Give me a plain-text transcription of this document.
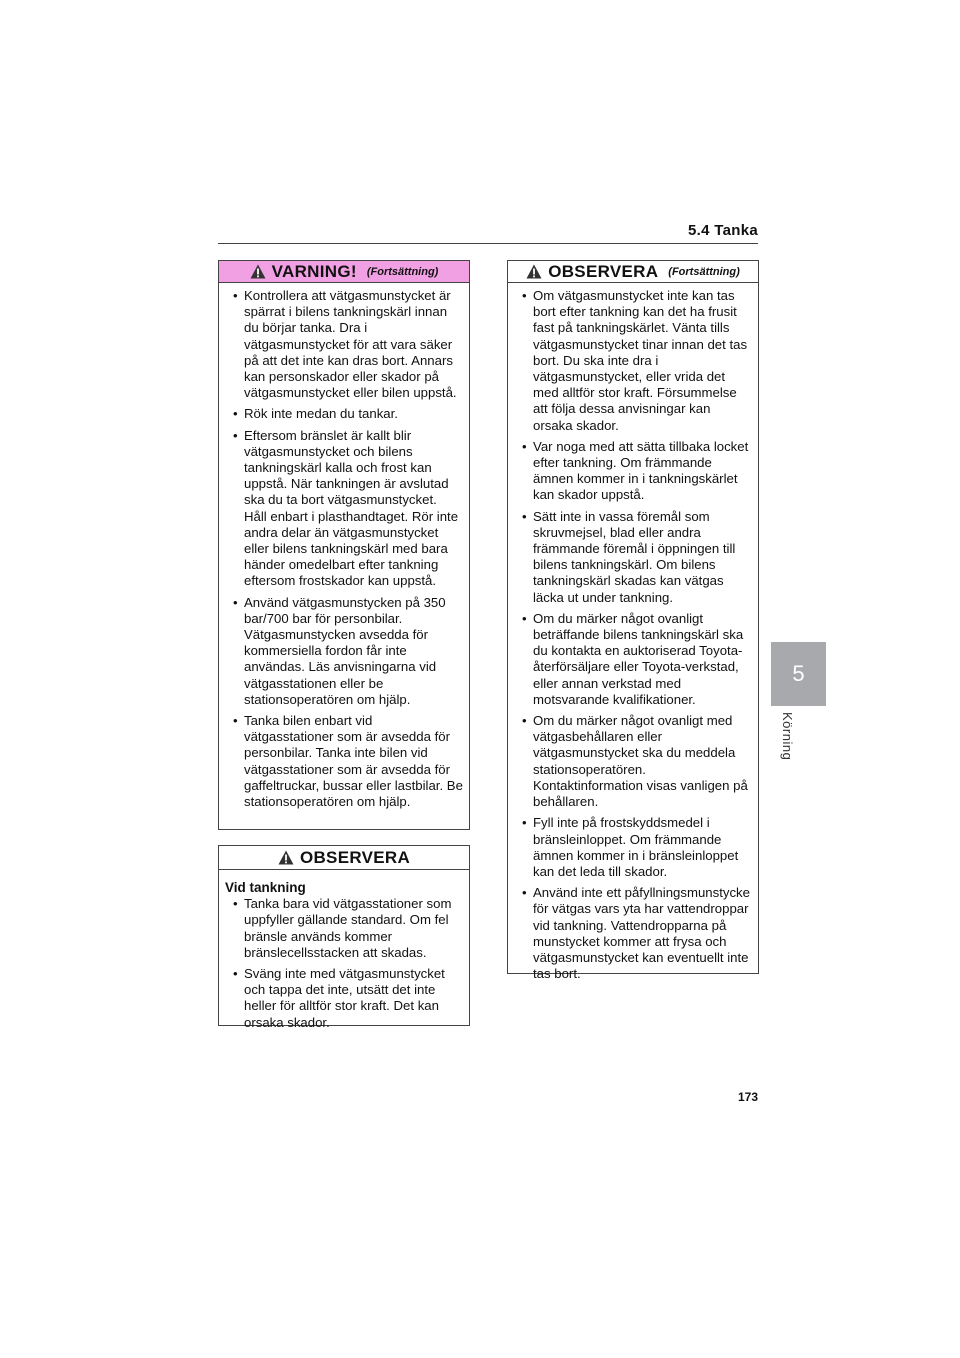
5.4 Tanka
5
Körning
VARNING! (Fortsättning)
• Kontrollera att vätgasmunstycket är spärrat i bilens tankningskärl innan du börjar tanka. Dra i vätgasmunstycket för att vara säker på att det inte kan dras bort. Annars kan personskador eller skador på vätgasmunstycket eller bilen uppstå.
• Rök inte medan du tankar.
• Eftersom bränslet är kallt blir vätgasmunstycket och bilens tankningskärl kalla och frost kan uppstå. När tankningen är avslutad ska du ta bort vätgasmunstycket. Håll enbart i plasthandtaget. Rör inte andra delar än vätgasmunstycket eller bilens tankningskärl med bara händer omedelbart efter tankning eftersom frostskador kan uppstå.
• Använd vätgasmunstycken på 350 bar/700 bar för personbilar. Vätgasmunstycken avsedda för kommersiella fordon får inte användas. Läs anvisningarna vid vätgasstationen eller be stationsoperatören om hjälp.
• Tanka bilen enbart vid vätgasstationer som är avsedda för personbilar. Tanka inte bilen vid vätgasstationer som är avsedda för gaffeltruckar, bussar eller lastbilar. Be stationsoperatören om hjälp.
OBSERVERA
Vid tankning
• Tanka bara vid vätgasstationer som uppfyller gällande standard. Om fel bränsle används kommer bränslecellsstacken att skadas.
• Sväng inte med vätgasmunstycket och tappa det inte, utsätt det inte heller för alltför stor kraft. Det kan orsaka skador.
OBSERVERA (Fortsättning)
• Om vätgasmunstycket inte kan tas bort efter tankning kan det ha frusit fast på tankningskärlet. Vänta tills vätgasmunstycket tinar innan det tas bort. Du ska inte dra i vätgasmunstycket, eller vrida det med alltför stor kraft. Försummelse att följa dessa anvisningar kan orsaka skador.
• Var noga med att sätta tillbaka locket efter tankning. Om främmande ämnen kommer in i tankningskärlet kan skador uppstå.
• Sätt inte in vassa föremål som skruvmejsel, blad eller andra främmande föremål i öppningen till bilens tankningskärl. Om bilens tankningskärl skadas kan vätgas läcka ut under tankning.
• Om du märker något ovanligt beträffande bilens tankningskärl ska du kontakta en auktoriserad Toyota-återförsäljare eller Toyota-verkstad, eller annan verkstad med motsvarande kvalifikationer.
• Om du märker något ovanligt med vätgasbehållaren eller vätgasmunstycket ska du meddela stationsoperatören. Kontaktinformation visas vanligen på behållaren.
• Fyll inte på frostskyddsmedel i bränsleinloppet. Om främmande ämnen kommer in i bränsleinloppet kan det leda till skador.
• Använd inte ett påfyllningsmunstycke för vätgas vars yta har vattendroppar vid tankning. Vattendropparna på munstycket kommer att frysa och vätgasmunstycket kan eventuellt inte tas bort.
173
